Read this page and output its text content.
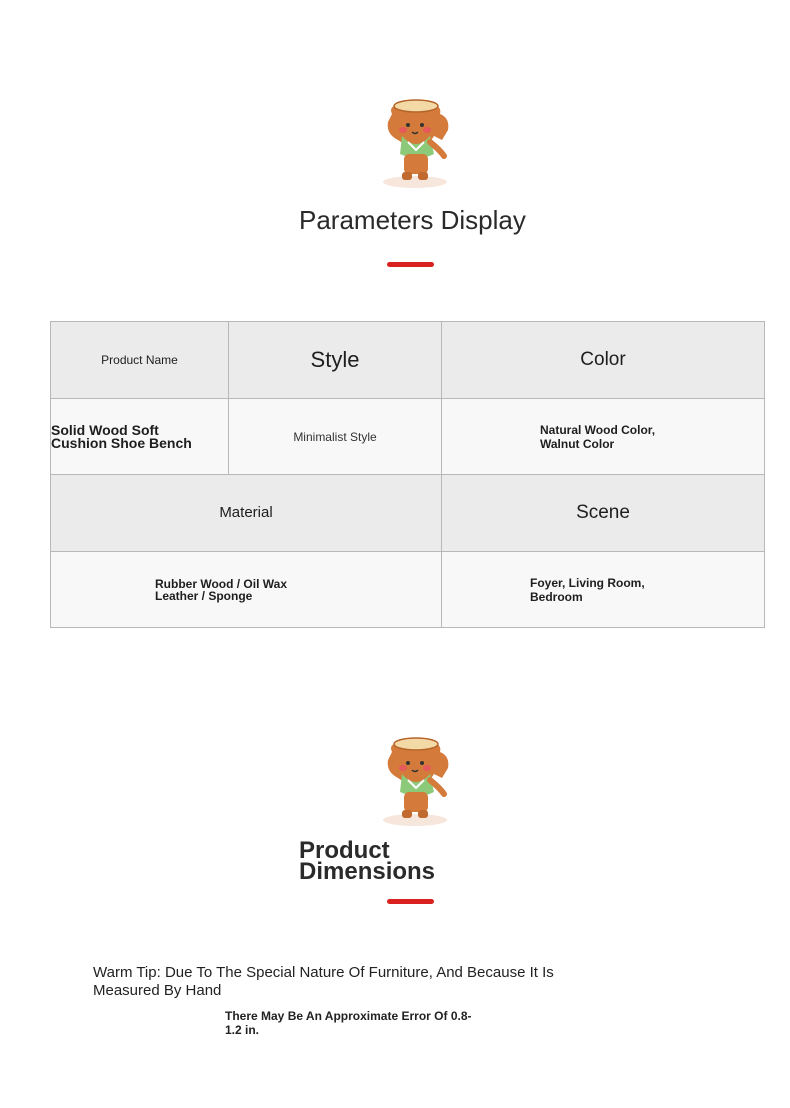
Parameters Display
Product Name	Style	Color

Solid Wood Soft Cushion Shoe Bench	Minimalist Style	Natural Wood Color, Walnut Color

Material		Scene

Rubber Wood / Oil Wax Leather / Sponge		Foyer, Living Room, Bedroom
Product Dimensions
Warm Tip: Due To The Special Nature Of Furniture, And Because It Is Measured By Hand
There May Be An Approximate Error Of 0.8-1.2 in.
